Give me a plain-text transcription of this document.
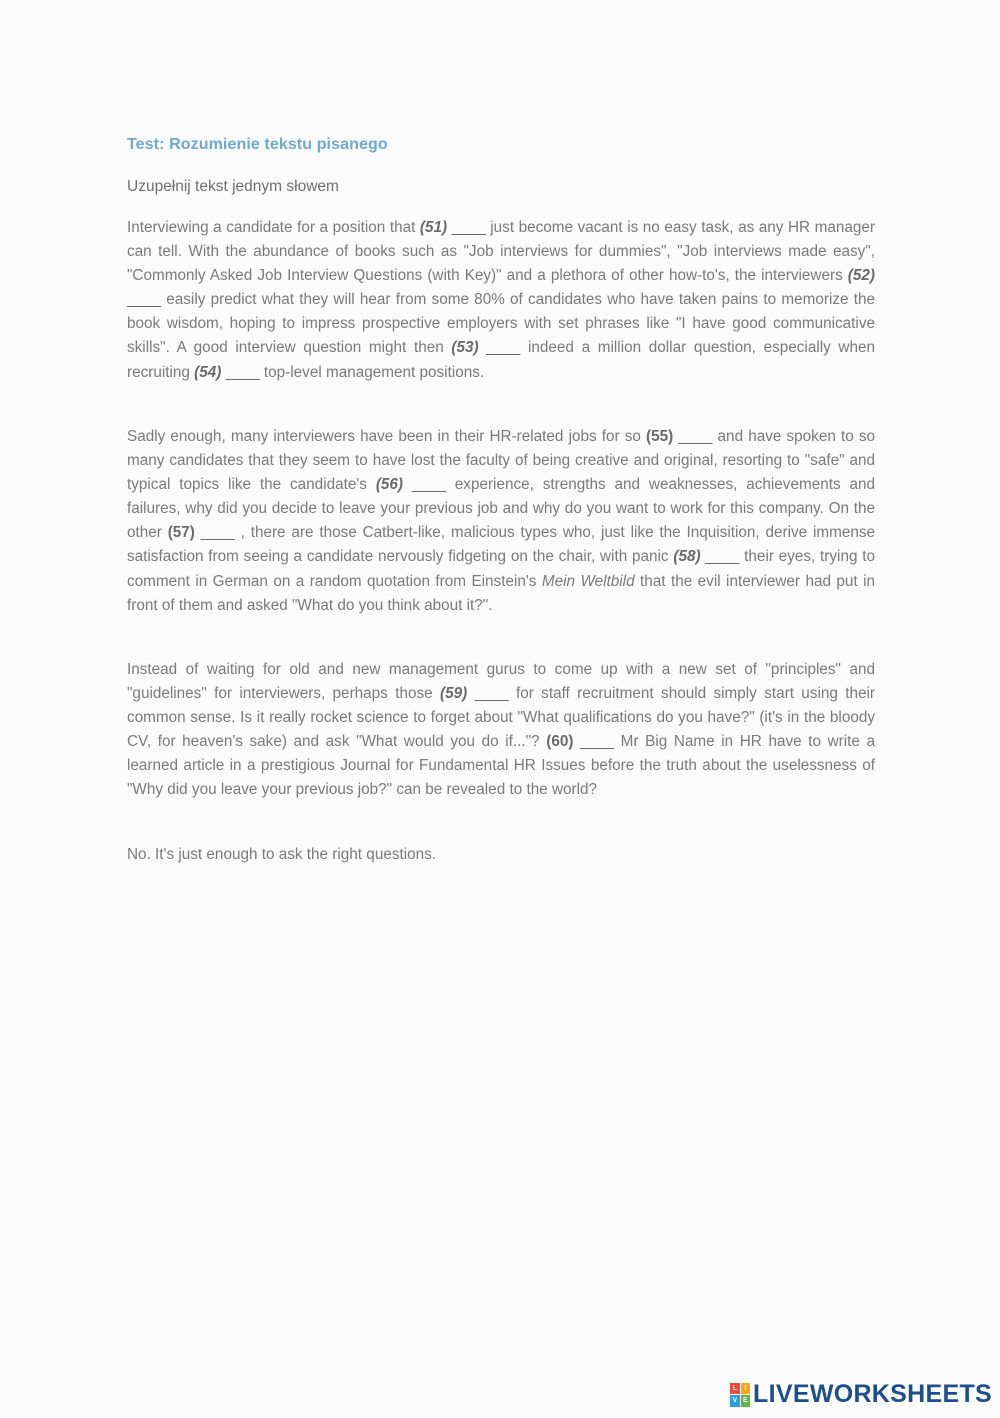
Test: Rozumienie tekstu pisanego
Uzupełnij tekst jednym słowem
Interviewing a candidate for a position that (51) ____ just become vacant is no easy task, as any HR manager can tell. With the abundance of books such as "Job interviews for dummies", "Job interviews made easy", "Commonly Asked Job Interview Questions (with Key)" and a plethora of other how-to's, the interviewers (52) ____ easily predict what they will hear from some 80% of candidates who have taken pains to memorize the book wisdom, hoping to impress prospective employers with set phrases like "I have good communicative skills". A good interview question might then (53) ____ indeed a million dollar question, especially when recruiting (54) ____ top-level management positions.
Sadly enough, many interviewers have been in their HR-related jobs for so (55) ____ and have spoken to so many candidates that they seem to have lost the faculty of being creative and original, resorting to "safe" and typical topics like the candidate's (56) ____ experience, strengths and weaknesses, achievements and failures, why did you decide to leave your previous job and why do you want to work for this company. On the other (57) ____ , there are those Catbert-like, malicious types who, just like the Inquisition, derive immense satisfaction from seeing a candidate nervously fidgeting on the chair, with panic (58) ____ their eyes, trying to comment in German on a random quotation from Einstein's Mein Weltbild that the evil interviewer had put in front of them and asked "What do you think about it?".
Instead of waiting for old and new management gurus to come up with a new set of "principles" and "guidelines" for interviewers, perhaps those (59) ____ for staff recruitment should simply start using their common sense. Is it really rocket science to forget about "What qualifications do you have?" (it's in the bloody CV, for heaven's sake) and ask "What would you do if..."? (60) ____ Mr Big Name in HR have to write a learned article in a prestigious Journal for Fundamental HR Issues before the truth about the uselessness of "Why did you leave your previous job?" can be revealed to the world?
No. It's just enough to ask the right questions.
L	I
V E LIVEWORKSHEETS
